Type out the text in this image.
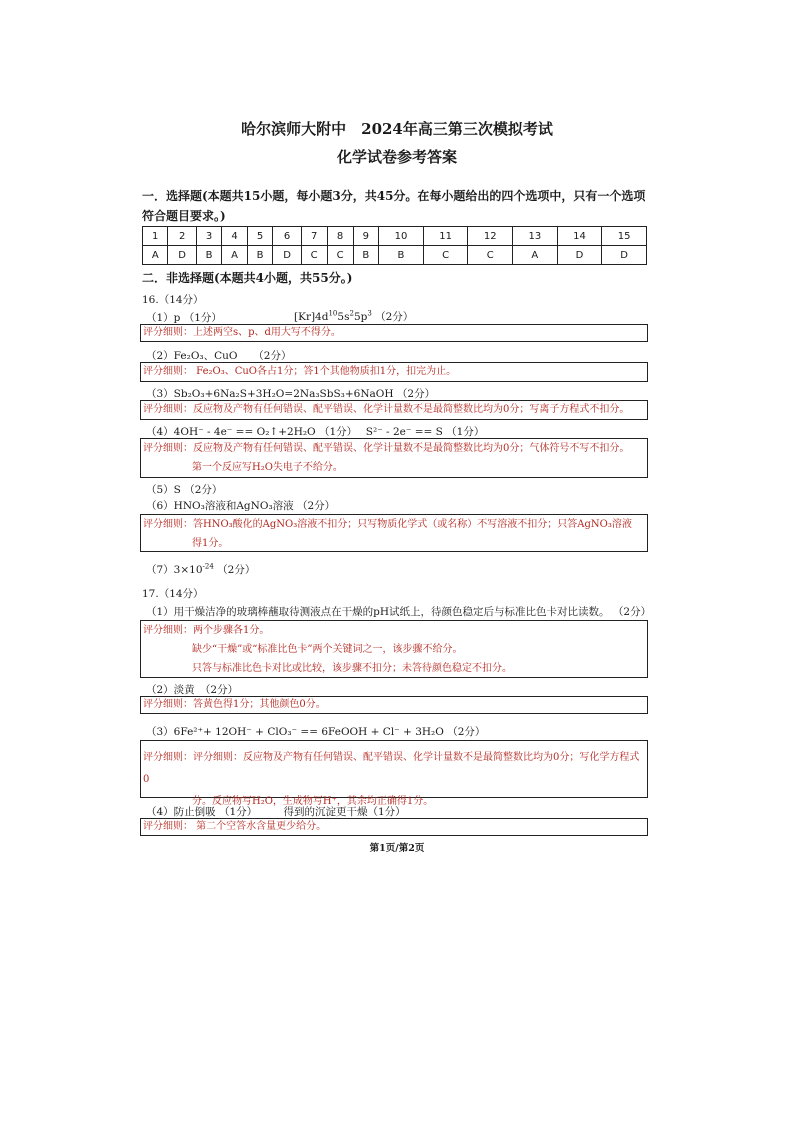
哈尔滨师大附中　2024年高三第三次模拟考试
化学试卷参考答案
一．选择题(本题共15小题，每小题3分，共45分。在每小题给出的四个选项中，只有一个选项符合题目要求。)
1	2	3	4	5	6	7	8	9	10	11	12	13	14	15
A	D	B	A	B	D	C	C	B	B	C	C	A	D	D
二．非选择题(本题共4小题，共55分。)
16.（14分）
（1）p （1分）	$[Kr]4d^{10}5s^25p^3$ （2分）
评分细则：上述两空s、p、d用大写不得分。
（2）Fe₂O₃、CuO　　（2分）
评分细则： Fe₂O₃、CuO各占1分；答1个其他物质扣1分，扣完为止。
（3）Sb₂O₃+6Na₂S+3H₂O=2Na₃SbS₃+6NaOH （2分）
评分细则：反应物及产物有任何错误、配平错误、化学计量数不是最简整数比均为0分；写离子方程式不扣分。
（4）4OH⁻ - 4e⁻ == O₂↑+2H₂O （1分）　 S²⁻ - 2e⁻ == S （1分）
评分细则：反应物及产物有任何错误、配平错误、化学计量数不是最简整数比均为0分；气体符号不写不扣分。
第一个反应写H₂O失电子不给分。
（5）S （2分）
（6）HNO₃溶液和AgNO₃溶液 （2分）
评分细则：答HNO₃酸化的AgNO₃溶液不扣分；只写物质化学式（或名称）不写溶液不扣分；只答AgNO₃溶液
得1分。
$(7)3\times 10^{-24}$ （2分）
17.（14分）
（1）用干燥洁净的玻璃棒蘸取待测液点在干燥的pH试纸上，待颜色稳定后与标准比色卡对比读数。 （2分）
评分细则：两个步骤各1分。
缺少“干燥”或“标准比色卡”两个关键词之一，该步骤不给分。
只答与标准比色卡对比或比较，该步骤不扣分；未答待颜色稳定不扣分。
（2）淡黄　（2分）
评分细则：答黄色得1分；其他颜色0分。
（3）6Fe²⁺+ 12OH⁻ + ClO₃⁻ == 6FeOOH + Cl⁻ + 3H₂O （2分）
评分细则：评分细则：反应物及产物有任何错误、配平错误、化学计量数不是最简整数比均为0分；写化学方程式0
分。反应物写H₂O，生成物写H⁺，其余均正确得1分。
（4）防止倒吸 （1分）　　　得到的沉淀更干燥（1分）
评分细则： 第二个空答水含量更少给分。
第1页/第2页
